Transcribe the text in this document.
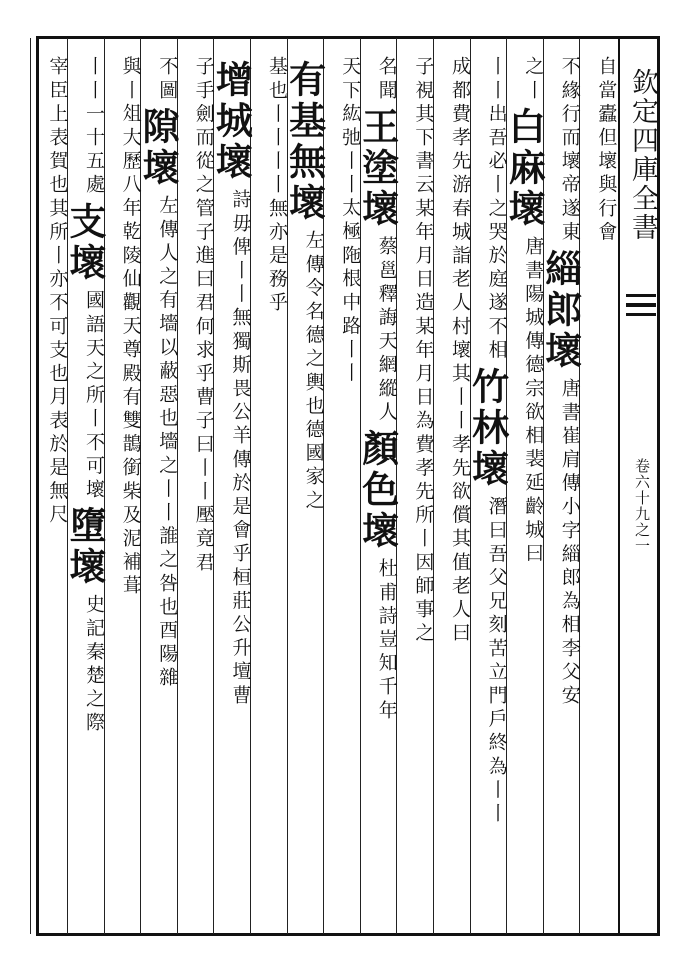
欽定四庫全書
卷六十九之一
自當蠹但壞與行會
不緣行而壞帝遂東
緇郎壞
唐書崔肩傳小字緇郎為相李父安
之丨
白麻壞
唐書陽城傳德宗欲相裴延齡城曰
丨丨出吾必丨之哭於庭遂不相
竹林壞
潛曰吾父兄刻苦立門戶終為丨丨
成都費孝先游春城詣老人村壞其丨丨孝先欲償其值老人曰
子視其下書云某年月日造某年月日為費孝先所丨因師事之
名聞
王塗壞
蔡邕釋誨天網縱人
顏色壞
杜甫詩豈知千年
天下
紘弛丨丨太極陁
根中路丨丨
有基無壞
左傳令名德之輿也德國家之
基也丨丨丨丨無亦是務乎
增城壞
詩毋俾丨丨無獨斯畏公羊傳於是會乎桓莊公升壇曹
子手劍而從之管子進曰君何求乎曹子曰丨丨壓竟君
不圖
隙壞
左傳人之有墻以蔽惡也墻之丨丨誰之咎也酉陽雜
與丨
俎大歷八年乾陵仙觀天尊殿有雙鵲銜柴及泥補葺
丨丨一十五處
支壞
國語天之所丨不可壞
墮壞
史記秦楚之際
宰臣上表賀
也其所丨亦不可支也
月表於是無尺
